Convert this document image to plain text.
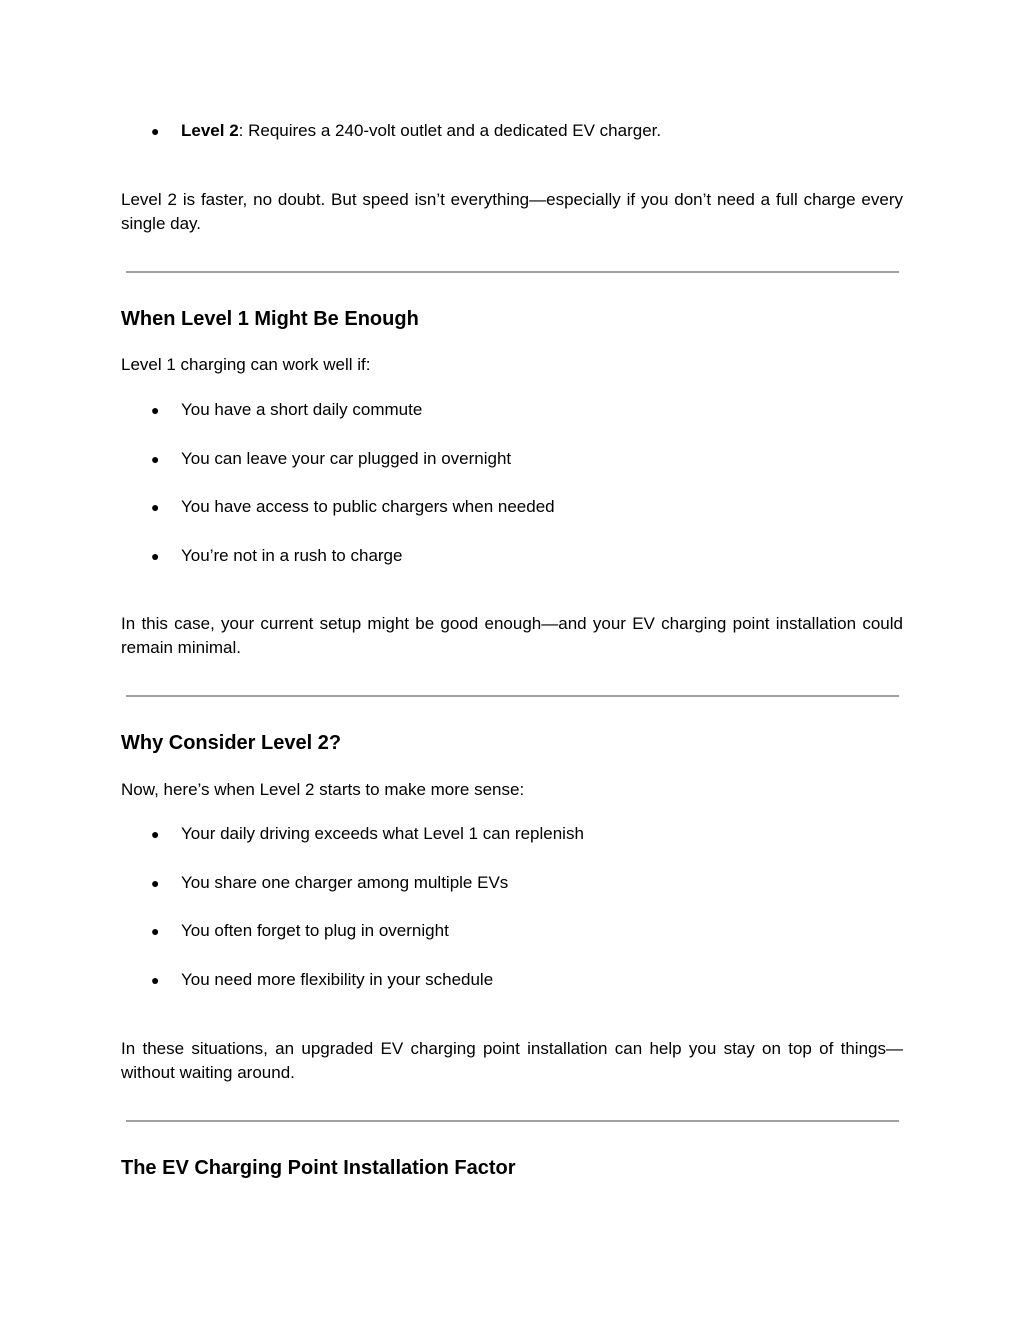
● Level 2: Requires a 240-volt outlet and a dedicated EV charger.
Level 2 is faster, no doubt. But speed isn’t everything—especially if you don’t need a full charge every single day.
When Level 1 Might Be Enough
Level 1 charging can work well if:
● You have a short daily commute
● You can leave your car plugged in overnight
● You have access to public chargers when needed
● You’re not in a rush to charge
In this case, your current setup might be good enough—and your EV charging point installation could remain minimal.
Why Consider Level 2?
Now, here’s when Level 2 starts to make more sense:
● Your daily driving exceeds what Level 1 can replenish
● You share one charger among multiple EVs
● You often forget to plug in overnight
● You need more flexibility in your schedule
In these situations, an upgraded EV charging point installation can help you stay on top of things—without waiting around.
The EV Charging Point Installation Factor
